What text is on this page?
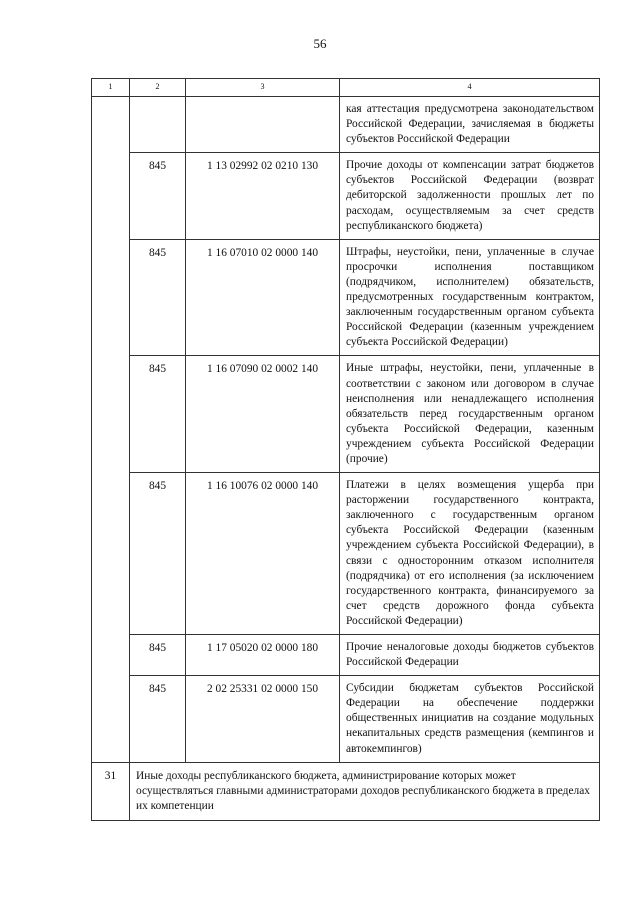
56
1	2	3	4
			кая аттестация предусмотрена законодательством Российской Федерации, зачисляемая в бюджеты субъектов Российской Федерации
	845	1 13 02992 02 0210 130	Прочие доходы от компенсации затрат бюджетов субъектов Российской Федерации (возврат дебиторской задолженности прошлых лет по расходам, осуществляемым за счет средств республиканского бюджета)
	845	1 16 07010 02 0000 140	Штрафы, неустойки, пени, уплаченные в случае просрочки исполнения поставщиком (подрядчиком, исполнителем) обязательств, предусмотренных государственным контрактом, заключенным государственным органом субъекта Российской Федерации (казенным учреждением субъекта Российской Федерации)
	845	1 16 07090 02 0002 140	Иные штрафы, неустойки, пени, уплаченные в соответствии с законом или договором в случае неисполнения или ненадлежащего исполнения обязательств перед государственным органом субъекта Российской Федерации, казенным учреждением субъекта Российской Федерации (прочие)
	845	1 16 10076 02 0000 140	Платежи в целях возмещения ущерба при расторжении государственного контракта, заключенного с государственным органом субъекта Российской Федерации (казенным учреждением субъекта Российской Федерации), в связи с односторонним отказом исполнителя (подрядчика) от его исполнения (за исключением государственного контракта, финансируемого за счет средств дорожного фонда субъекта Российской Федерации)
	845	1 17 05020 02 0000 180	Прочие неналоговые доходы бюджетов субъектов Российской Федерации
	845	2 02 25331 02 0000 150	Субсидии бюджетам субъектов Российской Федерации на обеспечение поддержки общественных инициатив на создание модульных некапитальных средств размещения (кемпингов и автокемпингов)
31	Иные доходы республиканского бюджета, администрирование которых может осуществляться главными администраторами доходов республиканского бюджета в пределах их компетенции		
